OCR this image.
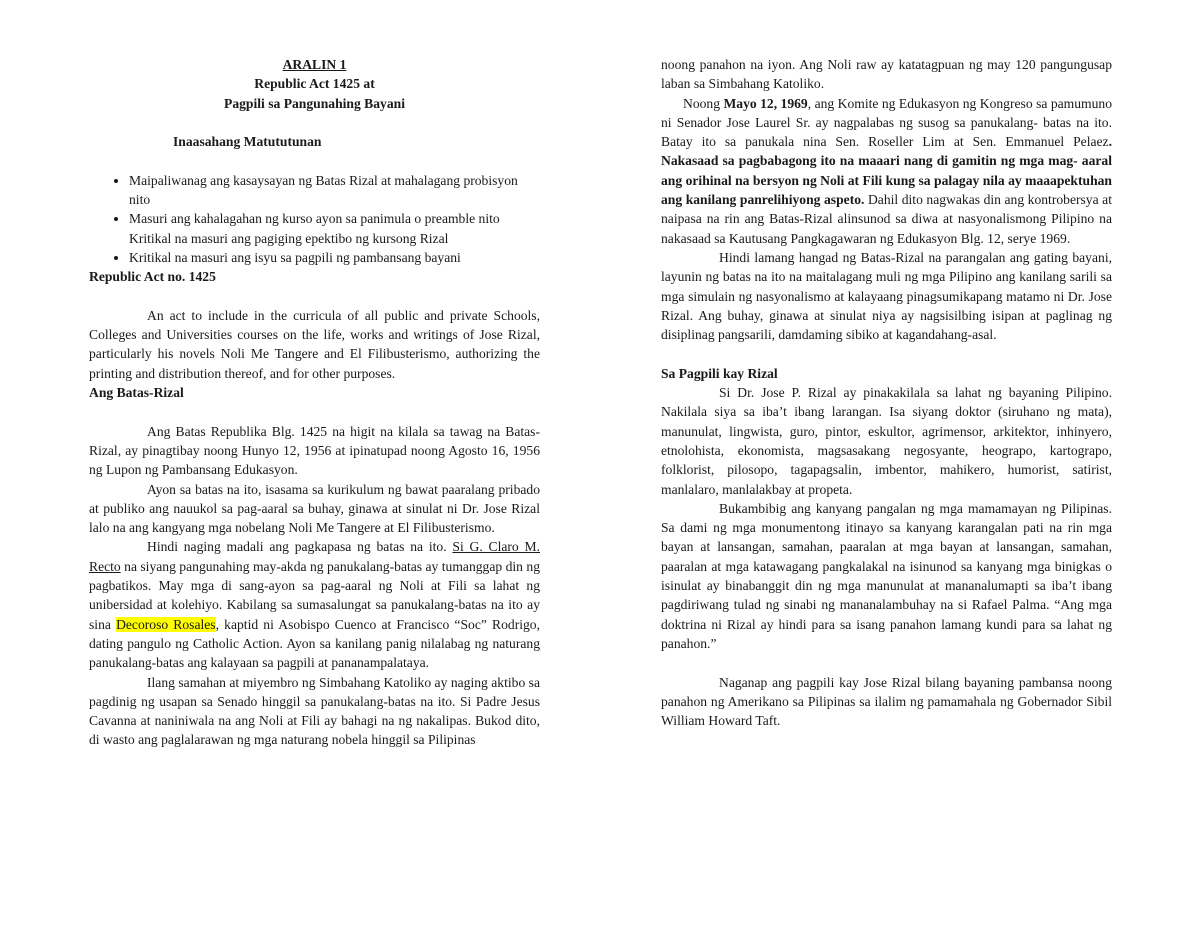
ARALIN 1
Republic Act 1425 at
Pagpili sa Pangunahing Bayani
Inaasahang Matututunan
• Maipaliwanag ang kasaysayan ng Batas Rizal at mahalagang probisyon nito
• Masuri ang kahalagahan ng kurso ayon sa panimula o preamble nito Kritikal na masuri ang pagiging epektibo ng kursong Rizal
• Kritikal na masuri ang isyu sa pagpili ng pambansang bayani
Republic Act no. 1425

An act to include in the curricula of all public and private Schools, Colleges and Universities courses on the life, works and writings of Jose Rizal, particularly his novels Noli Me Tangere and El Filibusterismo, authorizing the printing and distribution thereof, and for other purposes.

Ang Batas-Rizal

Ang Batas Republika Blg. 1425 na higit na kilala sa tawag na Batas- Rizal, ay pinagtibay noong Hunyo 12, 1956 at ipinatupad noong Agosto 16, 1956 ng Lupon ng Pambansang Edukasyon.

Ayon sa batas na ito, isasama sa kurikulum ng bawat paaralang pribado at publiko ang nauukol sa pag-aaral sa buhay, ginawa at sinulat ni Dr. Jose Rizal lalo na ang kangyang mga nobelang Noli Me Tangere at El Filibusterismo.

Hindi naging madali ang pagkapasa ng batas na ito. Si G. Claro M. Recto na siyang pangunahing may-akda ng panukalang-batas ay tumanggap din ng pagbatikos. May mga di sang-ayon sa pag-aaral ng Noli at Fili sa lahat ng unibersidad at kolehiyo. Kabilang sa sumasalungat sa panukalang-batas na ito ay sina Decoroso Rosales, kaptid ni Asobispo Cuenco at Francisco “Soc” Rodrigo, dating pangulo ng Catholic Action. Ayon sa kanilang panig nilalabag ng naturang panukalang-batas ang kalayaan sa pagpili at pananampalataya.

Ilang samahan at miyembro ng Simbahang Katoliko ay naging aktibo sa pagdinig ng usapan sa Senado hinggil sa panukalang-batas na ito. Si Padre Jesus Cavanna at naniniwala na ang Noli at Fili ay bahagi na ng nakalipas. Bukod dito, di wasto ang paglalarawan ng mga naturang nobela hinggil sa Pilipinas

noong panahon na iyon. Ang Noli raw ay katatagpuan ng may 120 pangungusap laban sa Simbahang Katoliko.

Noong Mayo 12, 1969, ang Komite ng Edukasyon ng Kongreso sa pamumuno ni Senador Jose Laurel Sr. ay nagpalabas ng susog sa panukalang- batas na ito. Batay ito sa panukala nina Sen. Roseller Lim at Sen. Emmanuel Pelaez. Nakasaad sa pagbabagong ito na maaari nang di gamitin ng mga mag- aaral ang orihinal na bersyon ng Noli at Fili kung sa palagay nila ay maaapektuhan ang kanilang panrelihiyong aspeto. Dahil dito nagwakas din ang kontrobersya at naipasa na rin ang Batas-Rizal alinsunod sa diwa at nasyonalismong Pilipino na nakasaad sa Kautusang Pangkagawaran ng Edukasyon Blg. 12, serye 1969.

Hindi lamang hangad ng Batas-Rizal na parangalan ang gating bayani, layunin ng batas na ito na maitalagang muli ng mga Pilipino ang kanilang sarili sa mga simulain ng nasyonalismo at kalayaang pinagsumikapang matamo ni Dr. Jose Rizal. Ang buhay, ginawa at sinulat niya ay nagsisilbing isipan at paglinag ng disiplinag pangsarili, damdaming sibiko at kagandahang-asal.

Sa Pagpili kay Rizal

Si Dr. Jose P. Rizal ay pinakakilala sa lahat ng bayaning Pilipino. Nakilala siya sa iba’t ibang larangan. Isa siyang doktor (siruhano ng mata), manunulat, lingwista, guro, pintor, eskultor, agrimensor, arkitektor, inhinyero, etnolohista, ekonomista, magsasakang negosyante, heograpo, kartograpo, folklorist, pilosopo, tagapagsalin, imbentor, mahikero, humorist, satirist, manlalaro, manlalakbay at propeta.

Bukambibig ang kanyang pangalan ng mga mamamayan ng Pilipinas. Sa dami ng mga monumentong itinayo sa kanyang karangalan pati na rin mga bayan at lansangan, samahan, paaralan at mga bayan at lansangan, samahan, paaralan at mga katawagang pangkalakal na isinunod sa kanyang mga binigkas o isinulat ay binabanggit din ng mga manunulat at mananalumapti sa iba’t ibang pagdiriwang tulad ng sinabi ng mananalambuhay na si Rafael Palma. “Ang mga doktrina ni Rizal ay hindi para sa isang panahon lamang kundi para sa lahat ng panahon.”

Naganap ang pagpili kay Jose Rizal bilang bayaning pambansa noong panahon ng Amerikano sa Pilipinas sa ilalim ng pamamahala ng Gobernador Sibil William Howard Taft.
